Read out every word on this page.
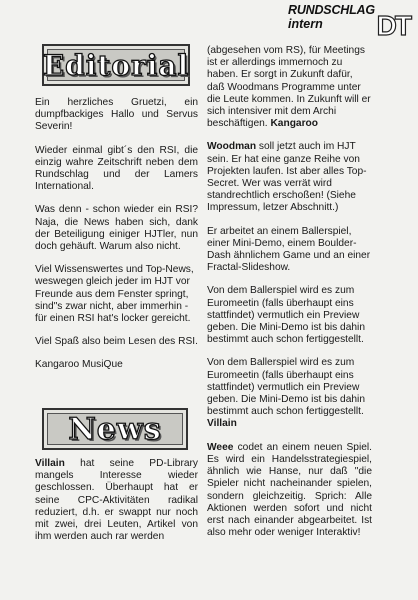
RUNDSCHLAG
intern DT
Editorial

Ein herzliches Gruetzi, ein dumpfbackiges Hallo und Servus Severin!

Wieder einmal gibt´s den RSI, die einzig wahre Zeitschrift neben dem Rundschlag und der Lamers International.

Was denn - schon wieder ein RSI? Naja, die News haben sich, dank der Beteiligung einiger HJTler, nun doch gehäuft. Warum also nicht.

Viel Wissenswertes und Top-News, weswegen gleich jeder im HJT vor Freunde aus dem Fenster springt, sind"s zwar nicht, aber immerhin - für einen RSI hat's locker gereicht.

Viel Spaß also beim Lesen des RSI.

Kangaroo MusiQue

News

Villain hat seine PD-Library mangels Interesse wieder geschlossen. Überhaupt hat er seine CPC-Aktivitäten radikal reduziert, d.h. er swappt nur noch mit zwei, drei Leuten, Artikel von ihm werden auch rar werden

(abgesehen vom RS), für Meetings ist er allerdings immernoch zu haben. Er sorgt in Zukunft dafür, daß Woodmans Programme unter die Leute kommen. In Zukunft will er sich intensiver mit dem Archi beschäftigen. Kangaroo

Woodman soll jetzt auch im HJT sein. Er hat eine ganze Reihe von Projekten laufen. Ist aber alles Top-Secret. Wer was verrät wird standrechtlich erschoßen! (Siehe Impressum, letzer Abschnitt.)

Er arbeitet an einem Ballerspiel, einer Mini-Demo, einem Boulder-Dash ähnlichem Game und an einer Fractal-Slideshow.

Von dem Ballerspiel wird es zum Euromeetin (falls überhaupt eins stattfindet) vermutlich ein Preview geben. Die Mini-Demo ist bis dahin bestimmt auch schon fertiggestellt.

Von dem Ballerspiel wird es zum Euromeetin (falls überhaupt eins stattfindet) vermutlich ein Preview geben. Die Mini-Demo ist bis dahin bestimmt auch schon fertiggestellt.
Villain

Weee codet an einem neuen Spiel. Es wird ein Handelsstrategiespiel, ähnlich wie Hanse, nur daß "die Spieler nicht nacheinander spielen, sondern gleichzeitig. Sprich: Alle Aktionen werden sofort und nicht erst nach einander abgearbeitet. Ist also mehr oder weniger Interaktiv!
